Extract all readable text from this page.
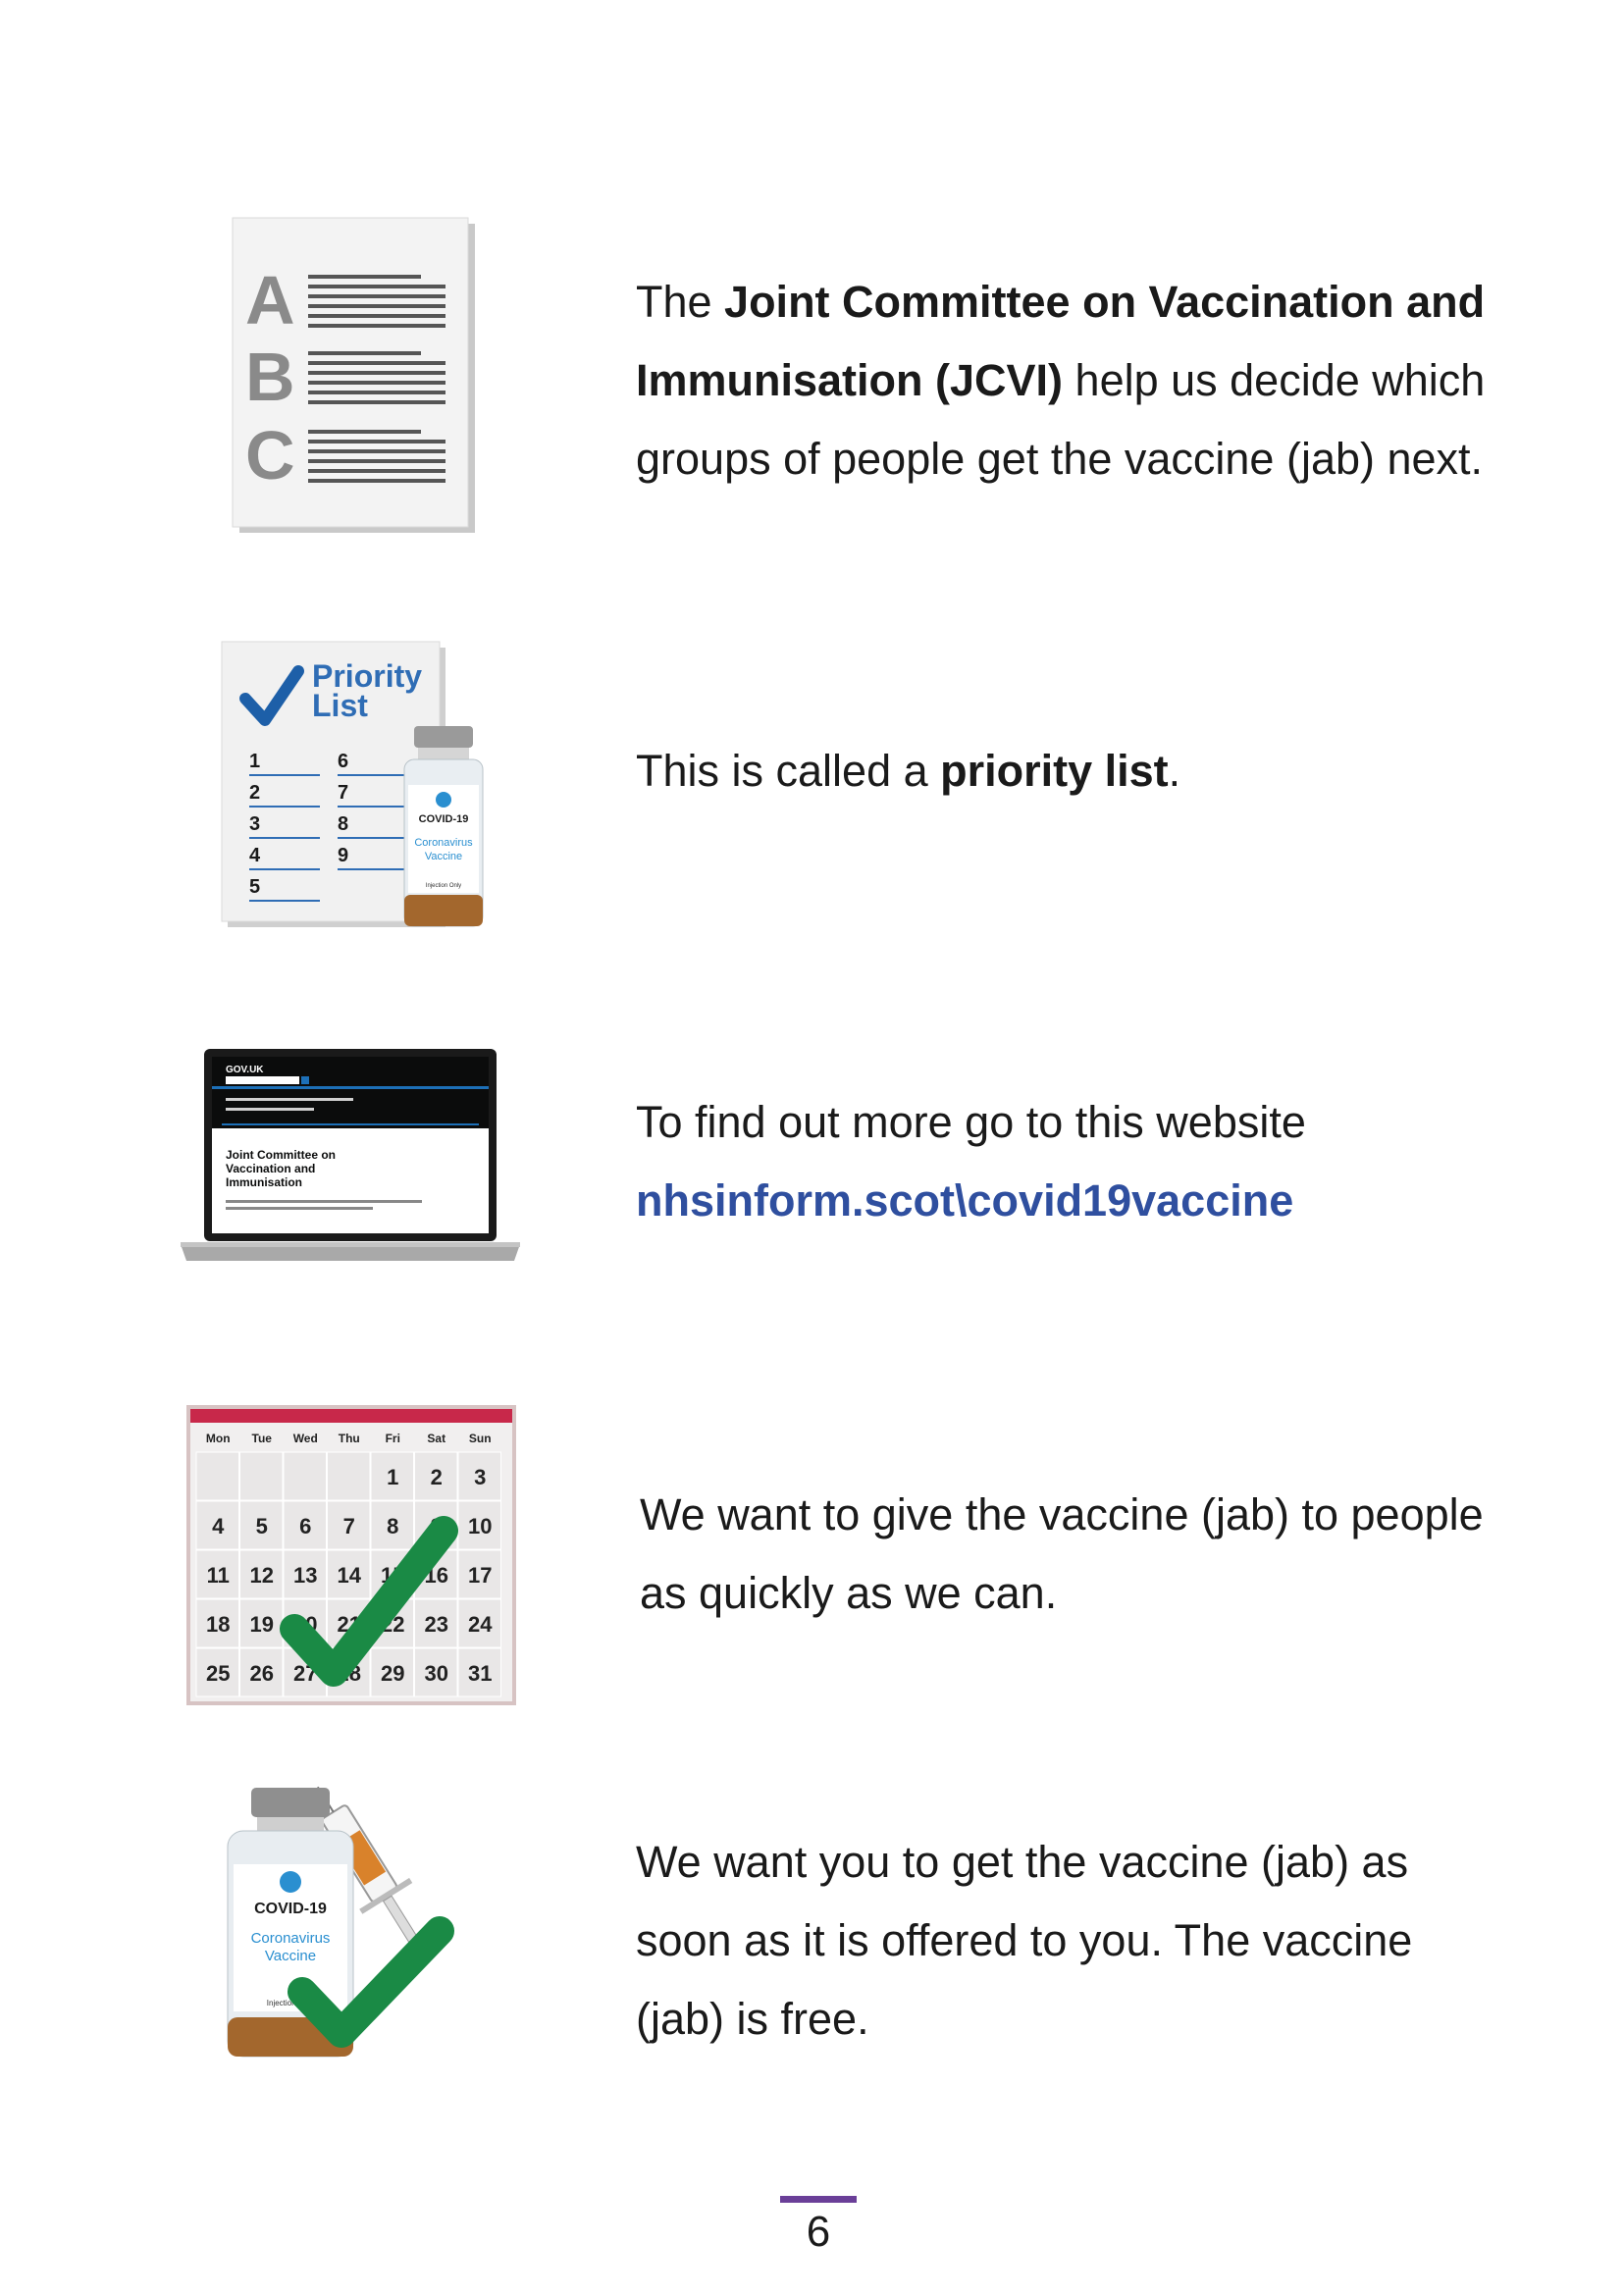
A
B
C
The Joint Committee on Vaccination and Immunisation (JCVI) help us decide which groups of people get the vaccine (jab) next.
Priority
List
1
2
3
4
5
6
7
8
9
COVID-19
Coronavirus
Vaccine
Injection Only
This is called a priority list.
GOV.UK
Joint Committee on
Vaccination and
Immunisation
To find out more go to this website
nhsinform.scot\covid19vaccine
Mon Tue Wed Thu Fri Sat Sun
1 2 3
4 5 6 7 8 9 10
11 12 13 14 15 16 17
18 19 20 21 22 23 24
25 26 27 28 29 30 31
We want to give the vaccine (jab) to people
as quickly as we can.
COVID-19
Coronavirus
Vaccine
Injection Only
We want you to get the vaccine (jab) as soon as it is offered to you. The vaccine (jab) is free.
6
